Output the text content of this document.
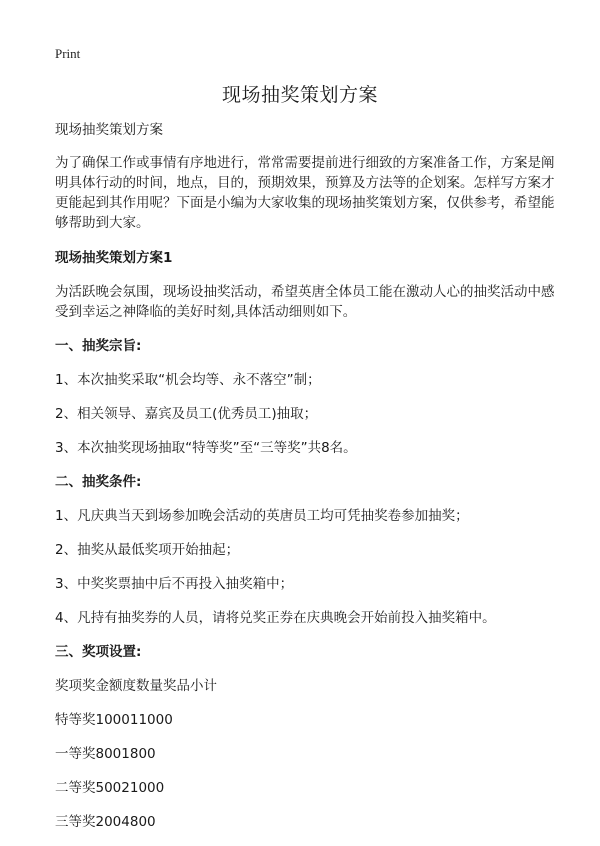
Print
现场抽奖策划方案

现场抽奖策划方案

为了确保工作或事情有序地进行，常常需要提前进行细致的方案准备工作，方案是阐明具体行动的时间，地点，目的，预期效果，预算及方法等的企划案。怎样写方案才更能起到其作用呢？下面是小编为大家收集的现场抽奖策划方案，仅供参考，希望能够帮助到大家。

现场抽奖策划方案1

为活跃晚会氛围，现场设抽奖活动，希望英唐全体员工能在激动人心的抽奖活动中感受到幸运之神降临的美好时刻,具体活动细则如下。

一、抽奖宗旨:

1、本次抽奖采取“机会均等、永不落空”制；

2、相关领导、嘉宾及员工(优秀员工)抽取；

3、本次抽奖现场抽取“特等奖”至“三等奖”共8名。

二、抽奖条件:

1、凡庆典当天到场参加晚会活动的英唐员工均可凭抽奖卷参加抽奖；

2、抽奖从最低奖项开始抽起；

3、中奖奖票抽中后不再投入抽奖箱中；

4、凡持有抽奖券的人员，请将兑奖正券在庆典晚会开始前投入抽奖箱中。

三、奖项设置:

奖项奖金额度数量奖品小计

特等奖100011000

一等奖8001800

二等奖50021000

三等奖2004800
